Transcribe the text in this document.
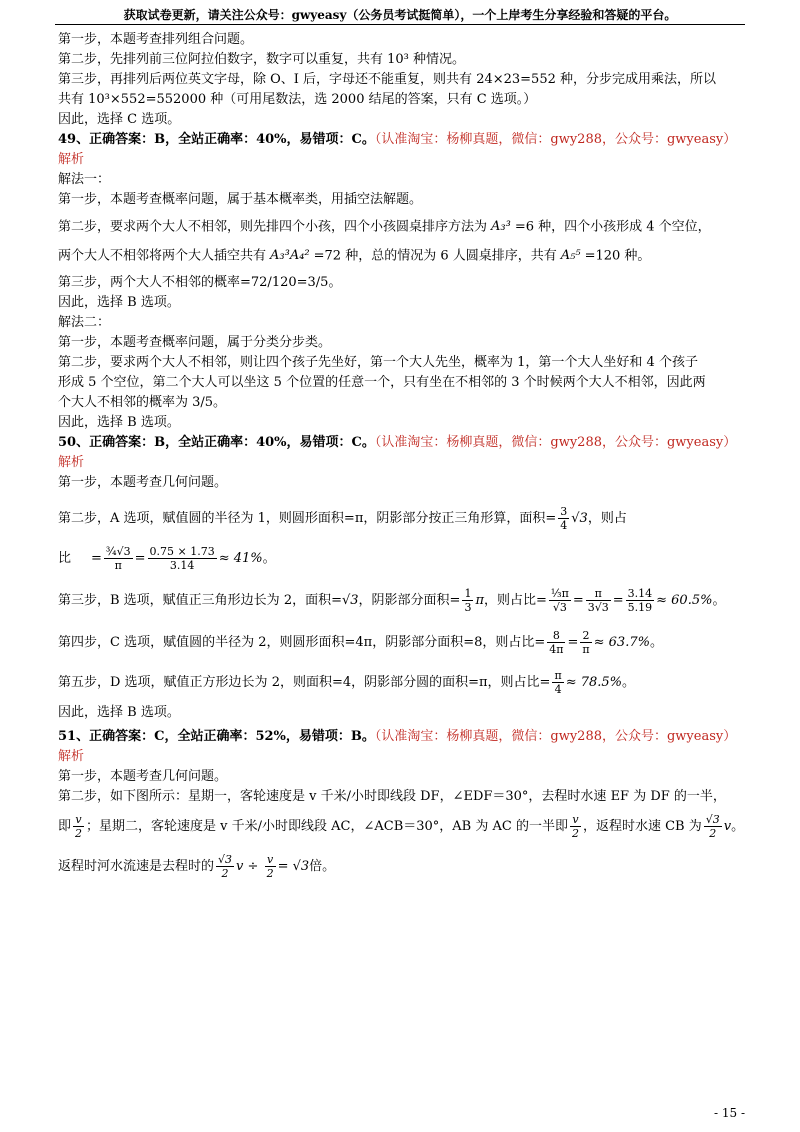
获取试卷更新，请关注公众号：gwyeasy（公务员考试挺简单），一个上岸考生分享经验和答疑的平台。
第一步，本题考查排列组合问题。
第二步，先排列前三位阿拉伯数字，数字可以重复，共有 10³ 种情况。
第三步，再排列后两位英文字母，除 O、I 后，字母还不能重复，则共有 24×23=552 种，分步完成用乘法，所以
共有 10³×552=552000 种（可用尾数法，选 2000 结尾的答案，只有 C 选项。）
因此，选择 C 选项。
49、正确答案：B，全站正确率：40%，易错项：C。（认准淘宝：杨柳真题，微信：gwy288，公众号：gwyeasy）
解析
解法一：
第一步，本题考查概率问题，属于基本概率类，用插空法解题。
第二步，要求两个大人不相邻，则先排四个小孩，四个小孩圆桌排序方法为 A₃³ =6 种，四个小孩形成 4 个空位，
两个大人不相邻将两个大人插空共有 A₃³A₄² =72 种，总的情况为 6 人圆桌排序，共有 A₅⁵ =120 种。
第三步，两个大人不相邻的概率=72/120=3/5。
因此，选择 B 选项。
解法二：
第一步，本题考查概率问题，属于分类分步类。
第二步，要求两个大人不相邻，则让四个孩子先坐好，第一个大人先坐，概率为 1，第一个大人坐好和 4 个孩子
形成 5 个空位，第二个大人可以坐这 5 个位置的任意一个，只有坐在不相邻的 3 个时候两个大人不相邻，因此两
个大人不相邻的概率为 3/5。
因此，选择 B 选项。
50、正确答案：B，全站正确率：40%，易错项：C。（认准淘宝：杨柳真题，微信：gwy288，公众号：gwyeasy）
解析
第一步，本题考查几何问题。
第二步，A 选项，赋值圆的半径为 1，则圆形面积=π，阴影部分按正三角形算，面积= $\frac{3}{4} √3$，则占
比 = $\frac{\text{¾√3}}{\pi} = \frac{0.75 \times 1.73}{3.14} \approx 41\%$。
第三步，B 选项，赋值正三角形边长为 2，面积=√3，阴影部分面积= $\frac{1}{3}$ π，则占比= $\frac{\text{⅓π}}{√3} = \frac{\pi}{3√3} = \frac{3.14}{5.19} \approx 60.5\%$。
第四步，C 选项，赋值圆的半径为 2，则圆形面积=4π，阴影部分面积=8，则占比= $\frac{8}{4\pi} = \frac{2}{\pi} \approx 63.7\%$。
第五步，D 选项，赋值正方形边长为 2，则面积=4，阴影部分圆的面积=π，则占比= $\frac{\pi}{4} \approx 78.5\%$。
因此，选择 B 选项。
51、正确答案：C，全站正确率：52%，易错项：B。（认准淘宝：杨柳真题，微信：gwy288，公众号：gwyeasy）
解析
第一步，本题考查几何问题。
第二步，如下图所示：星期一，客轮速度是 v 千米/小时即线段 DF，∠EDF＝30°，去程时水速 EF 为 DF 的一半，
即 $\frac{v}{2}$ ；星期二，客轮速度是 v 千米/小时即线段 AC，∠ACB＝30°，AB 为 AC 的一半即 $\frac{v}{2}$ ，返程时水速 CB 为 $\frac{√3}{2}$ v。
返程时河水流速是去程时的 $\frac{√3}{2}$ $v \div \frac{v}{2} = √3$倍。
- 15 -
